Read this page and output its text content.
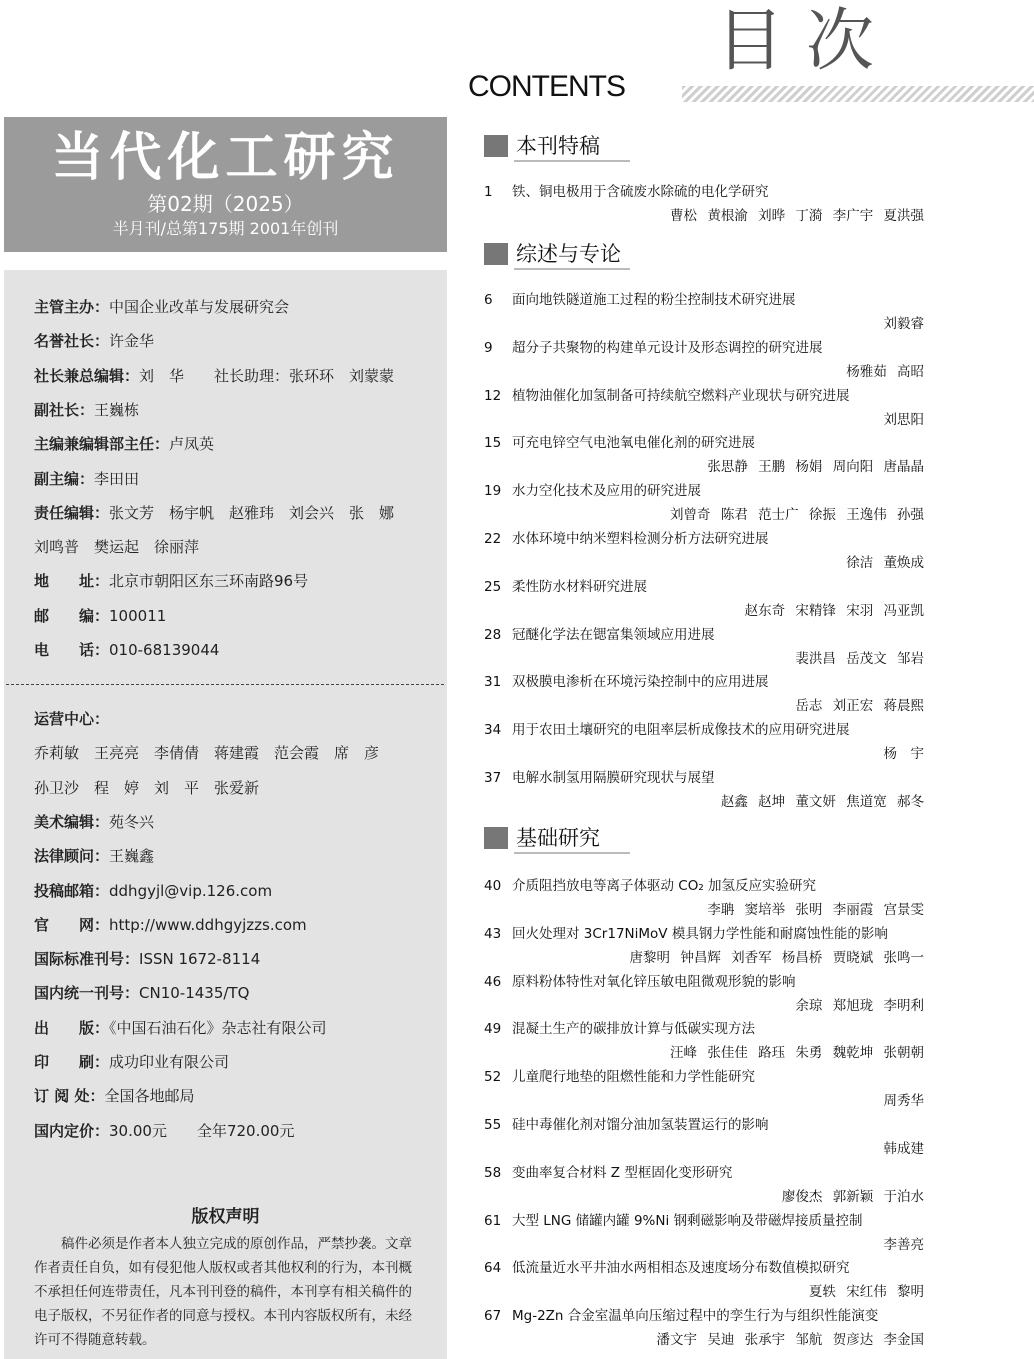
目次
CONTENTS
当代化工研究
第02期（2025）
半月刊/总第175期 2001年创刊
主管主办：中国企业改革与发展研究会
名誉社长：许金华
社长兼总编辑：刘　华　　社长助理：张环环　刘蒙蒙
副社长：王巍栋
主编兼编辑部主任：卢凤英
副主编：李田田
责任编辑：张文芳　杨宇帆　赵雅玮　刘会兴　张　娜
刘鸣普　樊运起　徐丽萍
地　　址：北京市朝阳区东三环南路96号
邮　　编：100011
电　　话：010-68139044
运营中心：
乔莉敏　王亮亮　李倩倩　蒋建霞　范会霞　席　彦
孙卫沙　程　婷　刘　平　张爱新
美术编辑：苑冬兴
法律顾问：王巍鑫
投稿邮箱：ddhgyjl@vip.126.com
官　　网：http://www.ddhgyjzzs.com
国际标准刊号：ISSN 1672-8114
国内统一刊号：CN10-1435/TQ
出　　版：《中国石油石化》杂志社有限公司
印　　刷：成功印业有限公司
订 阅 处：全国各地邮局
国内定价：30.00元　　全年720.00元
版权声明
　　稿件必须是作者本人独立完成的原创作品，严禁抄袭。文章作者责任自负，如有侵犯他人版权或者其他权利的行为，本刊概不承担任何连带责任，凡本刊刊登的稿件，本刊享有相关稿件的电子版权，不另征作者的同意与授权。本刊内容版权所有，未经许可不得随意转载。
本刊特稿
1 铁、铜电极用于含硫废水除硫的电化学研究
曹松 黄根渝 刘晔 丁漪 李广宇 夏洪强
综述与专论
6 面向地铁隧道施工过程的粉尘控制技术研究进展
刘毅睿
9 超分子共聚物的构建单元设计及形态调控的研究进展
杨雅茹 高昭
12 植物油催化加氢制备可持续航空燃料产业现状与研究进展
刘思阳
15 可充电锌空气电池氧电催化剂的研究进展
张思静 王鹏 杨娟 周向阳 唐晶晶
19 水力空化技术及应用的研究进展
刘曾奇 陈君 范士广 徐振 王逸伟 孙强
22 水体环境中纳米塑料检测分析方法研究进展
徐洁 董焕成
25 柔性防水材料研究进展
赵东奇 宋精锋 宋羽 冯亚凯
28 冠醚化学法在锶富集领域应用进展
裴洪昌 岳茂文 邹岩
31 双极膜电渗析在环境污染控制中的应用进展
岳志 刘正宏 蒋晨熙
34 用于农田土壤研究的电阻率层析成像技术的应用研究进展
杨　宇
37 电解水制氢用隔膜研究现状与展望
赵鑫 赵坤 董文妍 焦道宽 郝冬
基础研究
40 介质阻挡放电等离子体驱动 CO₂ 加氢反应实验研究
李聃 窦培举 张明 李丽霞 宫景雯
43 回火处理对 3Cr17NiMoV 模具钢力学性能和耐腐蚀性能的影响
唐黎明 钟昌辉 刘香军 杨昌桥 贾晓斌 张鸣一
46 原料粉体特性对氧化锌压敏电阻微观形貌的影响
余琼 郑旭珑 李明利
49 混凝土生产的碳排放计算与低碳实现方法
汪峰 张佳佳 路珏 朱勇 魏乾坤 张朝朝
52 儿童爬行地垫的阻燃性能和力学性能研究
周秀华
55 硅中毒催化剂对馏分油加氢装置运行的影响
韩成建
58 变曲率复合材料 Z 型框固化变形研究
廖俊杰 郭新颖 于泊水
61 大型 LNG 储罐内罐 9%Ni 钢剩磁影响及带磁焊接质量控制
李善亮
64 低流量近水平井油水两相相态及速度场分布数值模拟研究
夏轶 宋红伟 黎明
67 Mg-2Zn 合金室温单向压缩过程中的孪生行为与组织性能演变
潘文宇 吴迪 张承宇 邹航 贺彦达 李金国
